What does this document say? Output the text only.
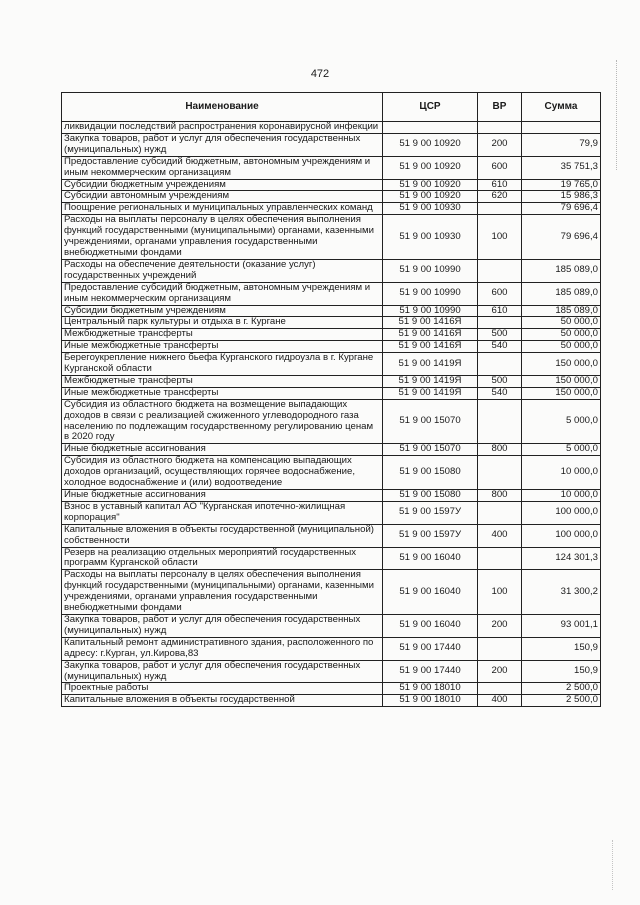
472
Наименование	ЦСР	ВР	Сумма
ликвидации последствий распространения коронавирусной инфекции			
Закупка товаров, работ и услуг для обеспечения государственных (муниципальных) нужд	51 9 00 10920	200	79,9
Предоставление субсидий бюджетным, автономным учреждениям и иным некоммерческим организациям	51 9 00 10920	600	35 751,3
Субсидии бюджетным учреждениям	51 9 00 10920	610	19 765,0
Субсидии автономным учреждениям	51 9 00 10920	620	15 986,3
Поощрение региональных и муниципальных управленческих команд	51 9 00 10930		79 696,4
Расходы на выплаты персоналу в целях обеспечения выполнения функций государственными (муниципальными) органами, казенными учреждениями, органами управления государственными внебюджетными фондами	51 9 00 10930	100	79 696,4
Расходы на обеспечение деятельности (оказание услуг) государственных учреждений	51 9 00 10990		185 089,0
Предоставление субсидий бюджетным, автономным учреждениям и иным некоммерческим организациям	51 9 00 10990	600	185 089,0
Субсидии бюджетным учреждениям	51 9 00 10990	610	185 089,0
Центральный парк культуры и отдыха в г. Кургане	51 9 00 1416Я		50 000,0
Межбюджетные трансферты	51 9 00 1416Я	500	50 000,0
Иные межбюджетные трансферты	51 9 00 1416Я	540	50 000,0
Берегоукрепление нижнего бьефа Курганского гидроузла в г. Кургане Курганской области	51 9 00 1419Я		150 000,0
Межбюджетные трансферты	51 9 00 1419Я	500	150 000,0
Иные межбюджетные трансферты	51 9 00 1419Я	540	150 000,0
Субсидия из областного бюджета на возмещение выпадающих доходов в связи с реализацией сжиженного углеводородного газа населению по подлежащим государственному регулированию ценам в 2020 году	51 9 00 15070		5 000,0
Иные бюджетные ассигнования	51 9 00 15070	800	5 000,0
Субсидия из областного бюджета на компенсацию выпадающих доходов организаций, осуществляющих горячее водоснабжение, холодное водоснабжение и (или) водоотведение	51 9 00 15080		10 000,0
Иные бюджетные ассигнования	51 9 00 15080	800	10 000,0
Взнос в уставный капитал АО "Курганская ипотечно-жилищная корпорация"	51 9 00 1597У		100 000,0
Капитальные вложения в объекты государственной (муниципальной) собственности	51 9 00 1597У	400	100 000,0
Резерв на реализацию отдельных мероприятий государственных программ Курганской области	51 9 00 16040		124 301,3
Расходы на выплаты персоналу в целях обеспечения выполнения функций государственными (муниципальными) органами, казенными учреждениями, органами управления государственными внебюджетными фондами	51 9 00 16040	100	31 300,2
Закупка товаров, работ и услуг для обеспечения государственных (муниципальных) нужд	51 9 00 16040	200	93 001,1
Капитальный ремонт административного здания, расположенного по адресу: г.Курган, ул.Кирова,83	51 9 00 17440		150,9
Закупка товаров, работ и услуг для обеспечения государственных (муниципальных) нужд	51 9 00 17440	200	150,9
Проектные работы	51 9 00 18010		2 500,0
Капитальные вложения в объекты государственной	51 9 00 18010	400	2 500,0
